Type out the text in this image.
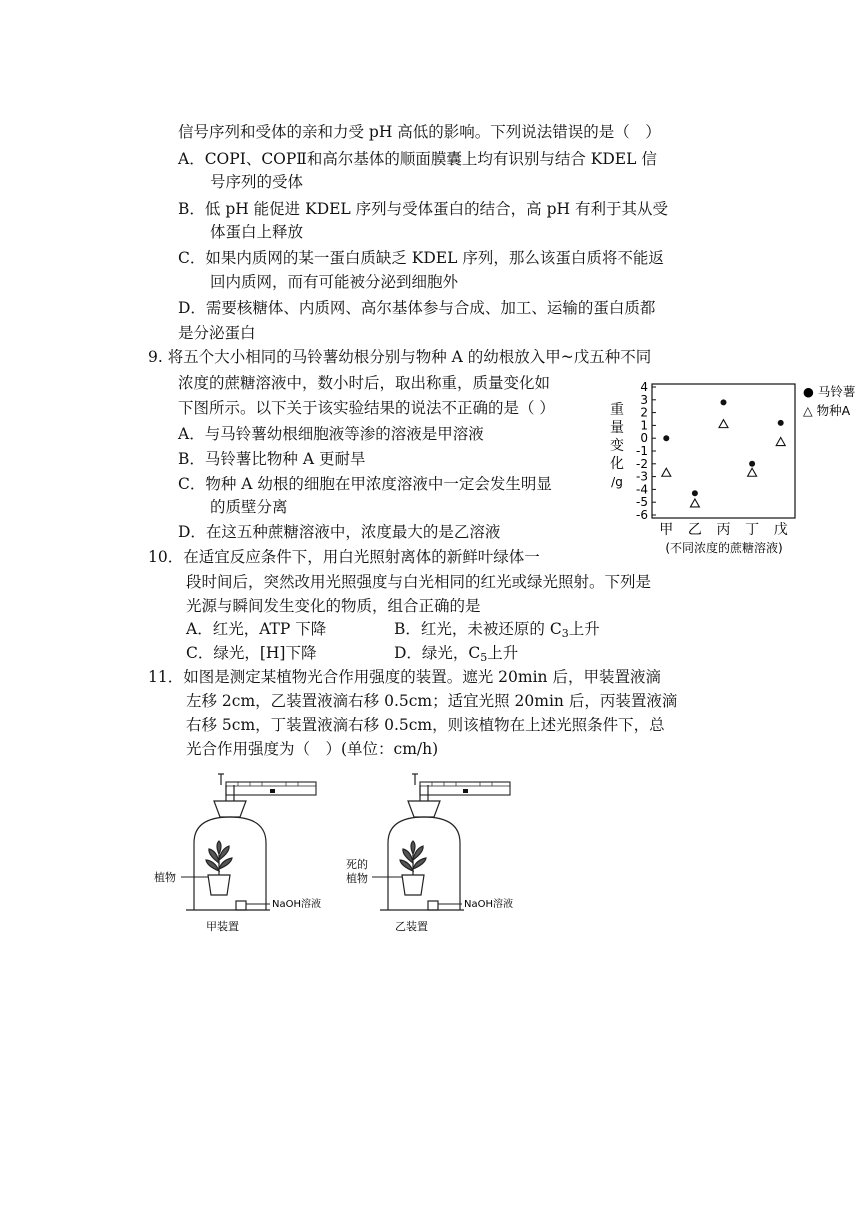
信号序列和受体的亲和力受 pH 高低的影响。下列说法错误的是（　）
A．COPⅠ、COPⅡ和高尔基体的顺面膜囊上均有识别与结合 KDEL 信
号序列的受体
B．低 pH 能促进 KDEL 序列与受体蛋白的结合，高 pH 有利于其从受
体蛋白上释放
C．如果内质网的某一蛋白质缺乏 KDEL 序列，那么该蛋白质将不能返
回内质网，而有可能被分泌到细胞外
D．需要核糖体、内质网、高尔基体参与合成、加工、运输的蛋白质都
是分泌蛋白
9. 将五个大小相同的马铃薯幼根分别与物种 A 的幼根放入甲~戊五种不同
浓度的蔗糖溶液中，数小时后，取出称重，质量变化如
下图所示。以下关于该实验结果的说法不正确的是（ ）
A．与马铃薯幼根细胞液等渗的溶液是甲溶液
B．马铃薯比物种 A 更耐旱
C．物种 A 幼根的细胞在甲浓度溶液中一定会发生明显
的质壁分离
D．在这五种蔗糖溶液中，浓度最大的是乙溶液
重
量
变
化
/g
4
3
2
1
0
-1
-2
-3
-4
-5
-6
甲 乙 丙 丁 戊
(不同浓度的蔗糖溶液)
● 马铃薯
△ 物种A
10．在适宜反应条件下，用白光照射离体的新鲜叶绿体一
段时间后，突然改用光照强度与白光相同的红光或绿光照射。下列是
光源与瞬间发生变化的物质，组合正确的是
A．红光，ATP 下降	B．红光，未被还原的 $C_3$上升
C．绿光，[H]下降	D．绿光，$C_5$上升
11．如图是测定某植物光合作用强度的装置。遮光 20min 后，甲装置液滴
左移 2cm，乙装置液滴右移 0.5cm；适宜光照 20min 后，丙装置液滴
右移 5cm，丁装置液滴右移 0.5cm，则该植物在上述光照条件下，总
光合作用强度为（　）(单位：cm/h)
植物
NaOH溶液
甲装置
死的
植物
NaOH溶液
乙装置
